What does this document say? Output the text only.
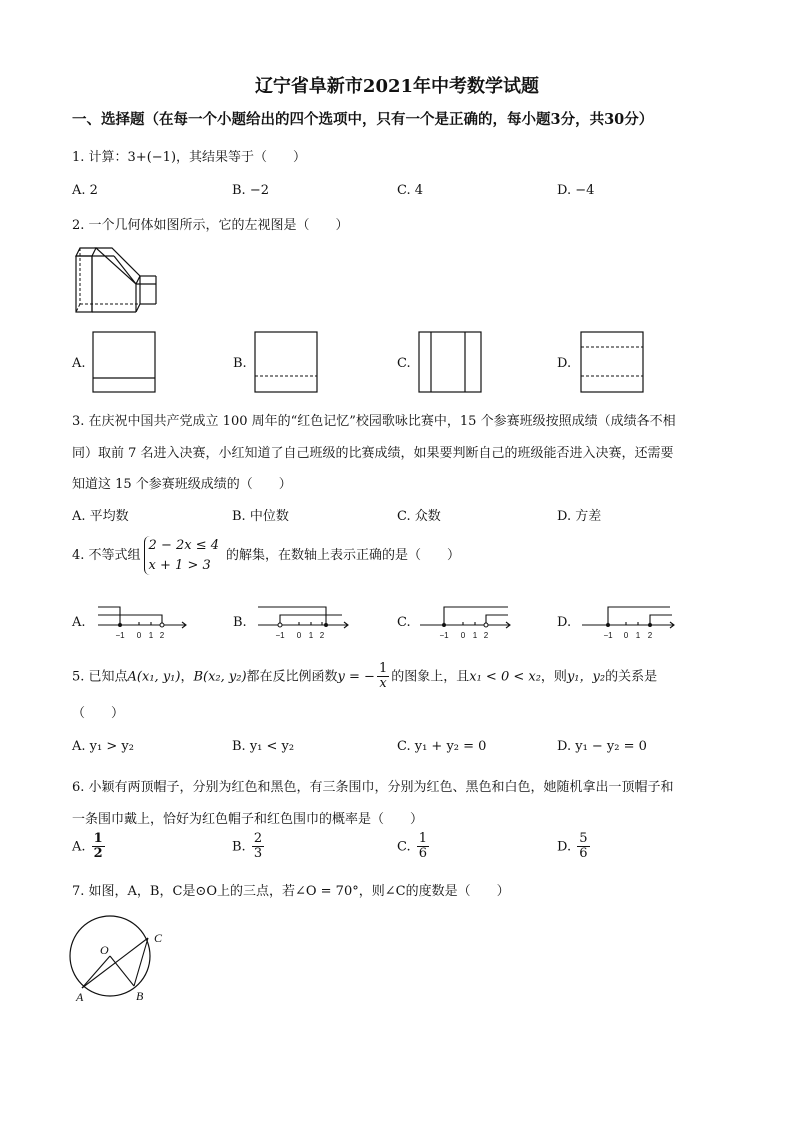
辽宁省阜新市2021年中考数学试题
一、选择题（在每一个小题给出的四个选项中，只有一个是正确的，每小题3分，共30分）
1. 计算：3+(−1)，其结果等于（　　）
A. 2	B. −2	C. 4	D. −4
2. 一个几何体如图所示，它的左视图是（　　）
A.	B.	C.	D.
3. 在庆祝中国共产党成立 100 周年的“红色记忆”校园歌咏比赛中，15 个参赛班级按照成绩（成绩各不相
同）取前 7 名进入决赛，小红知道了自己班级的比赛成绩，如果要判断自己的班级能否进入决赛，还需要
知道这 15 个参赛班级成绩的（　　）
A. 平均数	B. 中位数	C. 众数	D. 方差
4. 不等式组
2 − 2x ≤ 4
x + 1 > 3
的解集，在数轴上表示正确的是（　　）
A.
−1 0 1 2
B.
−1 0 1 2
C.
−1 0 1 2
D.
−1 0 1 2
5. 已知点A(x₁, y₁)，B(x₂, y₂)都在反比例函数y = − $\frac{1}{x}$ 的图象上，且x₁ < 0 < x₂，则y₁，y₂的关系是
（　　）
A. y₁ > y₂	B. y₁ < y₂	C. y₁ + y₂ = 0	D. y₁ − y₂ = 0
6. 小颖有两顶帽子，分别为红色和黑色，有三条围巾，分别为红色、黑色和白色，她随机拿出一顶帽子和
一条围巾戴上，恰好为红色帽子和红色围巾的概率是（　　）
A. $\frac{1}{2}$	B. $\frac{2}{3}$	C. $\frac{1}{6}$	D. $\frac{5}{6}$
7. 如图，A，B，C是⊙O上的三点，若∠O = 70°，则∠C的度数是（　　）
O
A	B
C
